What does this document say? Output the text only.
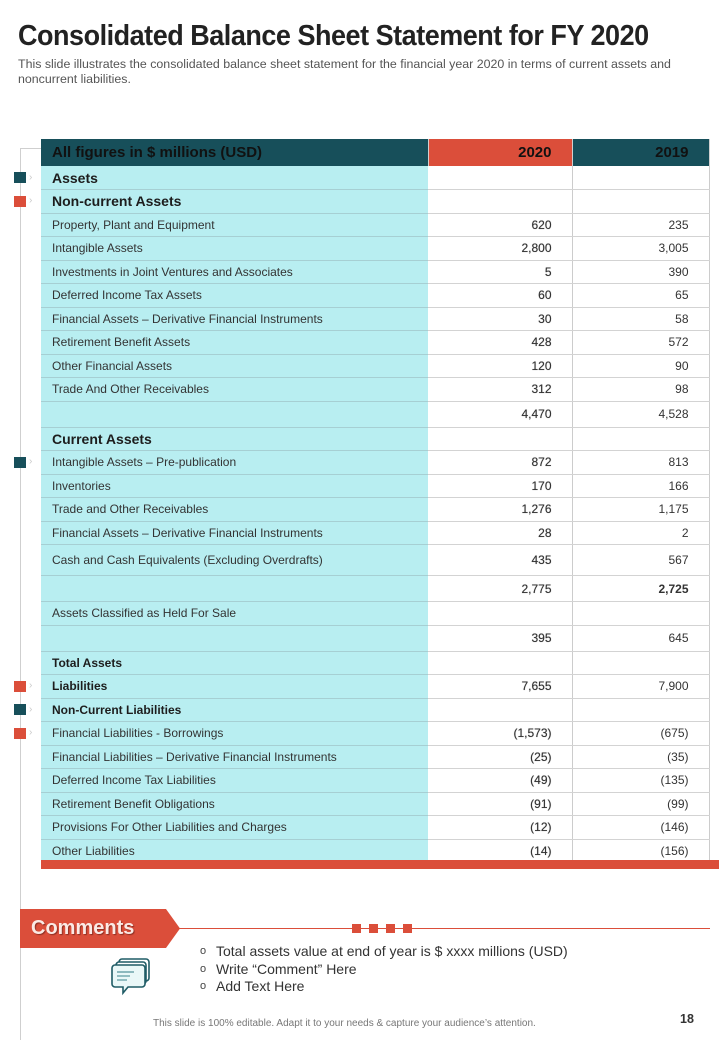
Consolidated Balance Sheet Statement for FY 2020
This slide illustrates the consolidated balance sheet statement for the financial year 2020 in terms of current assets and noncurrent liabilities.
›
›
›
›
›
›
All figures in $ millions (USD)	2020	2019
Assets		
Non-current Assets		
Property, Plant and Equipment	620	235
Intangible Assets	2,800	3,005
Investments in Joint Ventures and Associates	5	390
Deferred Income Tax Assets	60	65
Financial Assets – Derivative Financial Instruments	30	58
Retirement Benefit Assets	428	572
Other Financial Assets	120	90
Trade And Other Receivables	312	98
	4,470	4,528
Current Assets		
Intangible Assets – Pre-publication	872	813
Inventories	170	166
Trade and Other Receivables	1,276	1,175
Financial Assets – Derivative Financial Instruments	28	2
Cash and Cash Equivalents (Excluding Overdrafts)	435	567
	2,775	2,725
Assets Classified as Held For Sale		
	395	645
Total Assets		
Liabilities	7,655	7,900
Non-Current Liabilities		
Financial Liabilities - Borrowings	(1,573)	(675)
Financial Liabilities – Derivative Financial Instruments	(25)	(35)
Deferred Income Tax Liabilities	(49)	(135)
Retirement Benefit Obligations	(91)	(99)
Provisions For Other Liabilities and Charges	(12)	(146)
Other Liabilities	(14)	(156)
Comments
o Total assets value at end of year is $ xxxx millions (USD)
o Write “Comment” Here
o Add Text Here
This slide is 100% editable. Adapt it to your needs & capture your audience’s attention.	18
